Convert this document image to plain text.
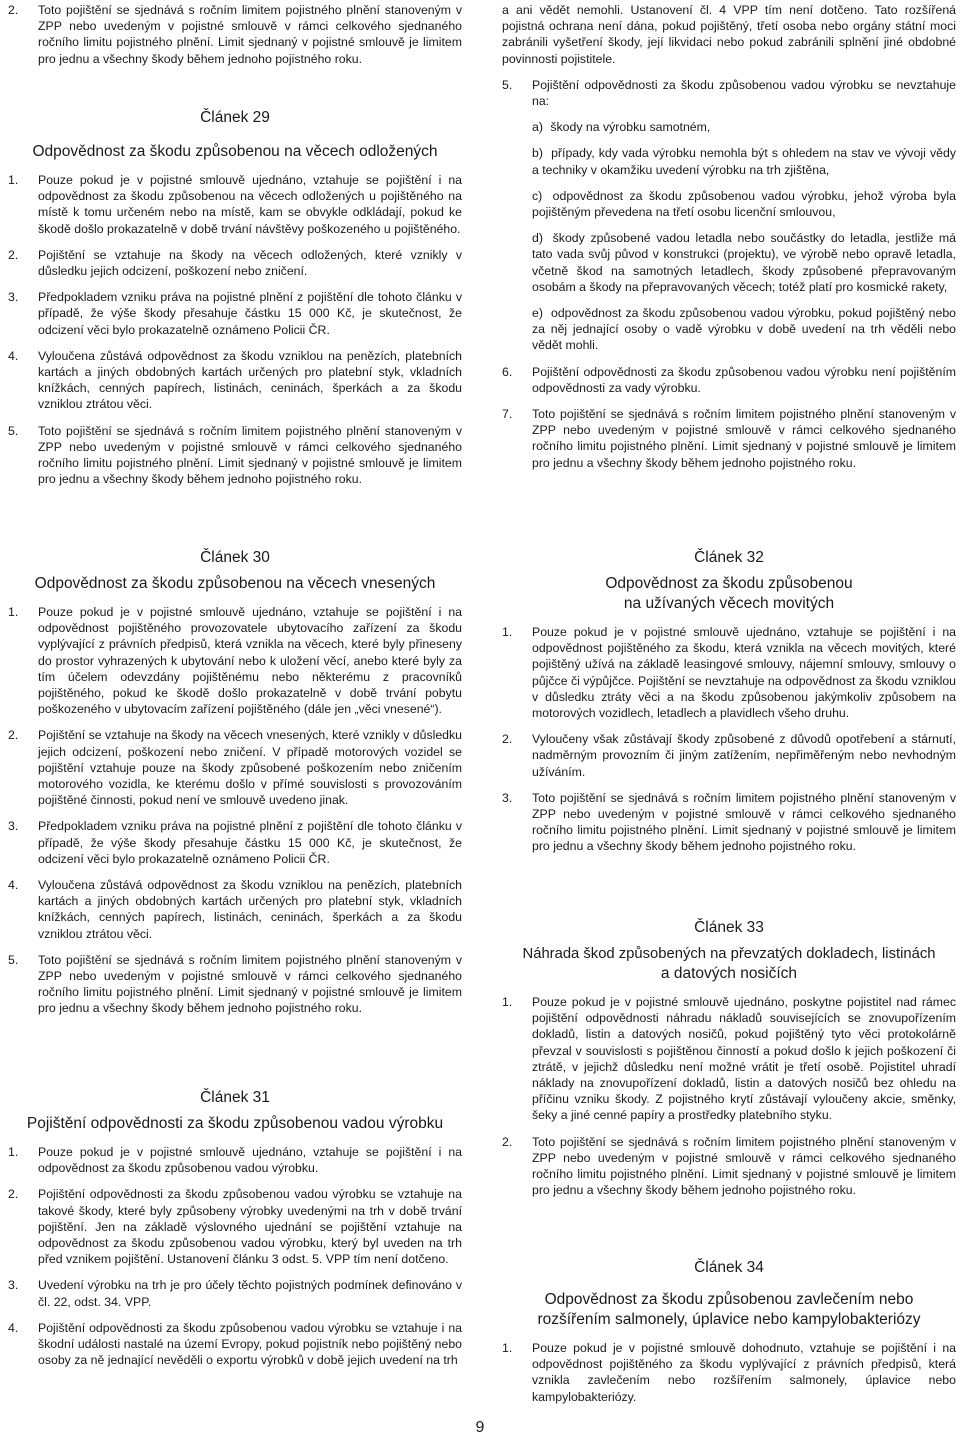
2.	Toto pojištění se sjednává s ročním limitem pojistného plnění stanoveným v ZPP nebo uvedeným v pojistné smlouvě v rámci celkového sjednaného ročního limitu pojistného plnění. Limit sjednaný v pojistné smlouvě je limitem pro jednu a všechny škody během jednoho pojistného roku.
Článek 29
Odpovědnost za škodu způsobenou na věcech odložených
1.	Pouze pokud je v pojistné smlouvě ujednáno, vztahuje se pojištění i na odpovědnost za škodu způsobenou na věcech odložených u pojištěného na místě k tomu určeném nebo na místě, kam se obvykle odkládají, pokud ke škodě došlo prokazatelně v době trvání návštěvy poškozeného u pojištěného.
2.	Pojištění se vztahuje na škody na věcech odložených, které vznikly v důsledku jejich odcizení, poškození nebo zničení.
3.	Předpokladem vzniku práva na pojistné plnění z pojištění dle tohoto článku v případě, že výše škody přesahuje částku 15 000 Kč, je skutečnost, že odcizení věci bylo prokazatelně oznámeno Policii ČR.
4.	Vyloučena zůstává odpovědnost za škodu vzniklou na penězích, platebních kartách a jiných obdobných kartách určených pro platební styk, vkladních knížkách, cenných papírech, listinách, ceninách, šperkách a za škodu vzniklou ztrátou věci.
5.	Toto pojištění se sjednává s ročním limitem pojistného plnění stanoveným v ZPP nebo uvedeným v pojistné smlouvě v rámci celkového sjednaného ročního limitu pojistného plnění. Limit sjednaný v pojistné smlouvě je limitem pro jednu a všechny škody během jednoho pojistného roku.
a ani vědět nemohli. Ustanovení čl. 4 VPP tím není dotčeno. Tato rozšířená pojistná ochrana není dána, pokud pojištěný, třetí osoba nebo orgány státní moci zabránili vyšetření škody, její likvidaci nebo pokud zabránili splnění jiné obdobné povinnosti pojistitele.
5.	Pojištění odpovědnosti za škodu způsobenou vadou výrobku se nevztahuje na:
a) škody na výrobku samotném,
b) případy, kdy vada výrobku nemohla být s ohledem na stav ve vývoji vědy a techniky v okamžiku uvedení výrobku na trh zjištěna,
c) odpovědnost za škodu způsobenou vadou výrobku, jehož výroba byla pojištěným převedena na třetí osobu licenční smlouvou,
d) škody způsobené vadou letadla nebo součástky do letadla, jestliže má tato vada svůj původ v konstrukci (projektu), ve výrobě nebo opravě letadla, včetně škod na samotných letadlech, škody způsobené přepravovaným osobám a škody na přepravovaných věcech; totéž platí pro kosmické rakety,
e) odpovědnost za škodu způsobenou vadou výrobku, pokud pojištěný nebo za něj jednající osoby o vadě výrobku v době uvedení na trh věděli nebo vědět mohli.
6.	Pojištění odpovědnosti za škodu způsobenou vadou výrobku není pojištěním odpovědnosti za vady výrobku.
7.	Toto pojištění se sjednává s ročním limitem pojistného plnění stanoveným v ZPP nebo uvedeným v pojistné smlouvě v rámci celkového sjednaného ročního limitu pojistného plnění. Limit sjednaný v pojistné smlouvě je limitem pro jednu a všechny škody během jednoho pojistného roku.
Článek 30
Odpovědnost za škodu způsobenou na věcech vnesených
1.	Pouze pokud je v pojistné smlouvě ujednáno, vztahuje se pojištění i na odpovědnost pojištěného provozovatele ubytovacího zařízení za škodu vyplývající z právních předpisů, která vznikla na věcech, které byly přineseny do prostor vyhrazených k ubytování nebo k uložení věcí, anebo které byly za tím účelem odevzdány pojištěnému nebo některému z pracovníků pojištěného, pokud ke škodě došlo prokazatelně v době trvání pobytu poškozeného v ubytovacím zařízení pojištěného (dále jen „věci vnesené“).
2.	Pojištění se vztahuje na škody na věcech vnesených, které vznikly v důsledku jejich odcizení, poškození nebo zničení. V případě motorových vozidel se pojištění vztahuje pouze na škody způsobené poškozením nebo zničením motorového vozidla, ke kterému došlo v přímé souvislosti s provozováním pojištěné činnosti, pokud není ve smlouvě uvedeno jinak.
3.	Předpokladem vzniku práva na pojistné plnění z pojištění dle tohoto článku v případě, že výše škody přesahuje částku 15 000 Kč, je skutečnost, že odcizení věci bylo prokazatelně oznámeno Policii ČR.
4.	Vyloučena zůstává odpovědnost za škodu vzniklou na penězích, platebních kartách a jiných obdobných kartách určených pro platební styk, vkladních knížkách, cenných papírech, listinách, ceninách, šperkách a za škodu vzniklou ztrátou věci.
5.	Toto pojištění se sjednává s ročním limitem pojistného plnění stanoveným v ZPP nebo uvedeným v pojistné smlouvě v rámci celkového sjednaného ročního limitu pojistného plnění. Limit sjednaný v pojistné smlouvě je limitem pro jednu a všechny škody během jednoho pojistného roku.
Článek 31
Pojištění odpovědnosti za škodu způsobenou vadou výrobku
1.	Pouze pokud je v pojistné smlouvě ujednáno, vztahuje se pojištění i na odpovědnost za škodu způsobenou vadou výrobku.
2.	Pojištění odpovědnosti za škodu způsobenou vadou výrobku se vztahuje na takové škody, které byly způsobeny výrobky uvedenými na trh v době trvání pojištění. Jen na základě výslovného ujednání se pojištění vztahuje na odpovědnost za škodu způsobenou vadou výrobku, který byl uveden na trh před vznikem pojištění. Ustanovení článku 3 odst. 5. VPP tím není dotčeno.
3.	Uvedení výrobku na trh je pro účely těchto pojistných podmínek definováno v čl. 22, odst. 34. VPP.
4.	Pojištění odpovědnosti za škodu způsobenou vadou výrobku se vztahuje i na škodní události nastalé na území Evropy, pokud pojistník nebo pojištěný nebo osoby za ně jednající nevěděli o exportu výrobků v době jejich uvedení na trh
Článek 32
Odpovědnost za škodu způsobenou
na užívaných věcech movitých
1.	Pouze pokud je v pojistné smlouvě ujednáno, vztahuje se pojištění i na odpovědnost pojištěného za škodu, která vznikla na věcech movitých, které pojištěný užívá na základě leasingové smlouvy, nájemní smlouvy, smlouvy o půjčce či výpůjčce. Pojištění se nevztahuje na odpovědnost za škodu vzniklou v důsledku ztráty věci a na škodu způsobenou jakýmkoliv způsobem na motorových vozidlech, letadlech a plavidlech všeho druhu.
2.	Vyloučeny však zůstávají škody způsobené z důvodů opotřebení a stárnutí, nadměrným provozním či jiným zatížením, nepřiměřeným nebo nevhodným užíváním.
3.	Toto pojištění se sjednává s ročním limitem pojistného plnění stanoveným v ZPP nebo uvedeným v pojistné smlouvě v rámci celkového sjednaného ročního limitu pojistného plnění. Limit sjednaný v pojistné smlouvě je limitem pro jednu a všechny škody během jednoho pojistného roku.
Článek 33
Náhrada škod způsobených na převzatých dokladech, listinách
a datových nosičích
1.	Pouze pokud je v pojistné smlouvě ujednáno, poskytne pojistitel nad rámec pojištění odpovědnosti náhradu nákladů souvisejících se znovupořízením dokladů, listin a datových nosičů, pokud pojištěný tyto věci protokolárně převzal v souvislosti s pojištěnou činností a pokud došlo k jejich poškození či ztrátě, v jejichž důsledku není možné vrátit je třetí osobě. Pojistitel uhradí náklady na znovupořízení dokladů, listin a datových nosičů bez ohledu na příčinu vzniku škody. Z pojistného krytí zůstávají vyloučeny akcie, směnky, šeky a jiné cenné papíry a prostředky platebního styku.
2.	Toto pojištění se sjednává s ročním limitem pojistného plnění stanoveným v ZPP nebo uvedeným v pojistné smlouvě v rámci celkového sjednaného ročního limitu pojistného plnění. Limit sjednaný v pojistné smlouvě je limitem pro jednu a všechny škody během jednoho pojistného roku.
Článek 34
Odpovědnost za škodu způsobenou zavlečením nebo
rozšířením salmonely, úplavice nebo kampylobakteriózy
1.	Pouze pokud je v pojistné smlouvě dohodnuto, vztahuje se pojištění i na odpovědnost pojištěného za škodu vyplývající z právních předpisů, která vznikla zavlečením nebo rozšířením salmonely, úplavice nebo kampylobakteriózy.
9
